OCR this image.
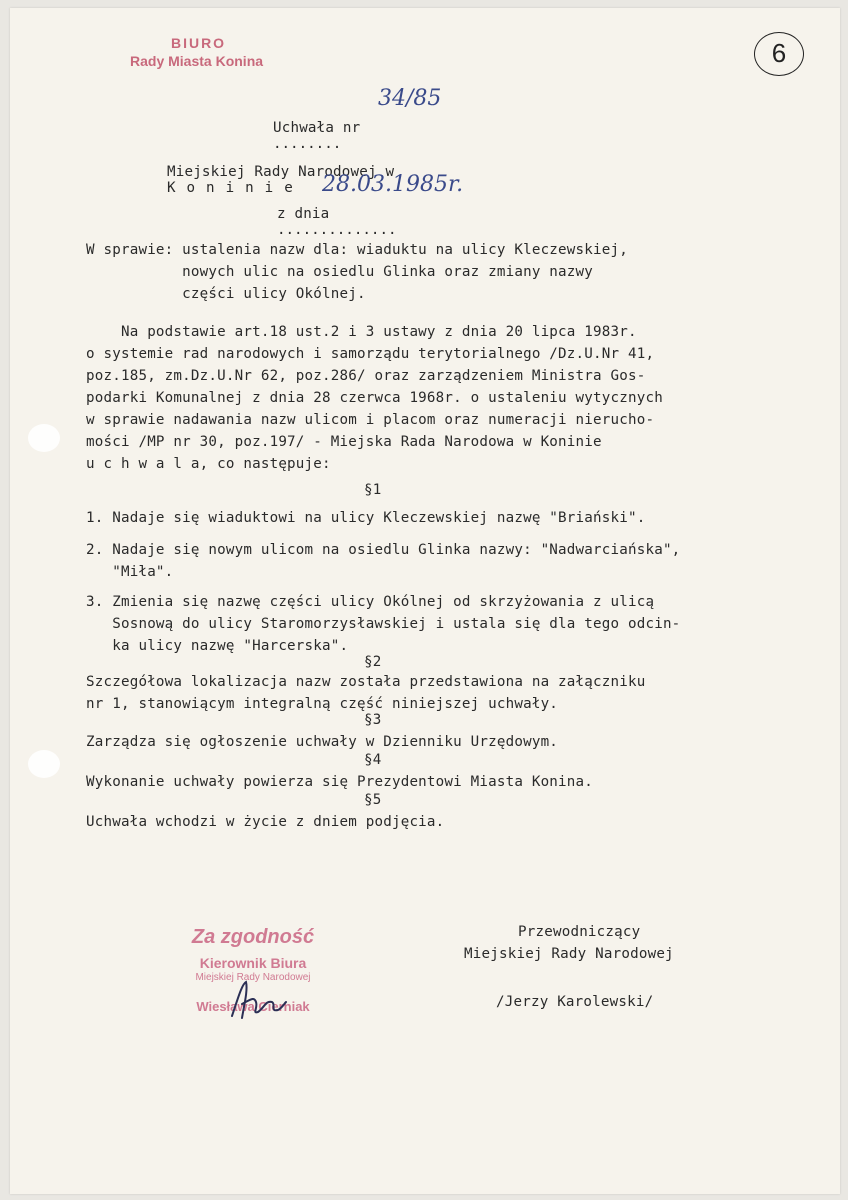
BIURO
Rady Miasta Konina	6

Uchwała nr
........

34/85

Miejskiej Rady Narodowej w
Koninie

z dnia
..............

28.03.1985r.
W sprawie: ustalenia nazw dla: wiaduktu na ulicy Kleczewskiej,
nowych ulic na osiedlu Glinka oraz zmiany nazwy
części ulicy Okólnej.
Na podstawie art.18 ust.2 i 3 ustawy z dnia 20 lipca 1983r.
o systemie rad narodowych i samorządu terytorialnego /Dz.U.Nr 41,
poz.185, zm.Dz.U.Nr 62, poz.286/ oraz zarządzeniem Ministra Gos-
podarki Komunalnej z dnia 28 czerwca 1968r. o ustaleniu wytycznych
w sprawie nadawania nazw ulicom i placom oraz numeracji nierucho-
mości /MP nr 30, poz.197/ - Miejska Rada Narodowa w Koninie
u c h w a l a, co następuje:
§1
1. Nadaje się wiaduktowi na ulicy Kleczewskiej nazwę "Briański".
2. Nadaje się nowym ulicom na osiedlu Glinka nazwy: "Nadwarciańska",
"Miła".
3. Zmienia się nazwę części ulicy Okólnej od skrzyżowania z ulicą
Sosnową do ulicy Staromorzysławskiej i ustala się dla tego odcin-
ka ulicy nazwę "Harcerska".
§2
Szczegółowa lokalizacja nazw została przedstawiona na załączniku
nr 1, stanowiącym integralną część niniejszej uchwały.
§3
Zarządza się ogłoszenie uchwały w Dzienniku Urzędowym.
§4
Wykonanie uchwały powierza się Prezydentowi Miasta Konina.
§5
Uchwała wchodzi w życie z dniem podjęcia.
Przewodniczący
Miejskiej Rady Narodowej
/Jerzy Karolewski/
Za zgodność
Kierownik Biura
Miejskiej Rady Narodowej
Wiesława Cierniak
